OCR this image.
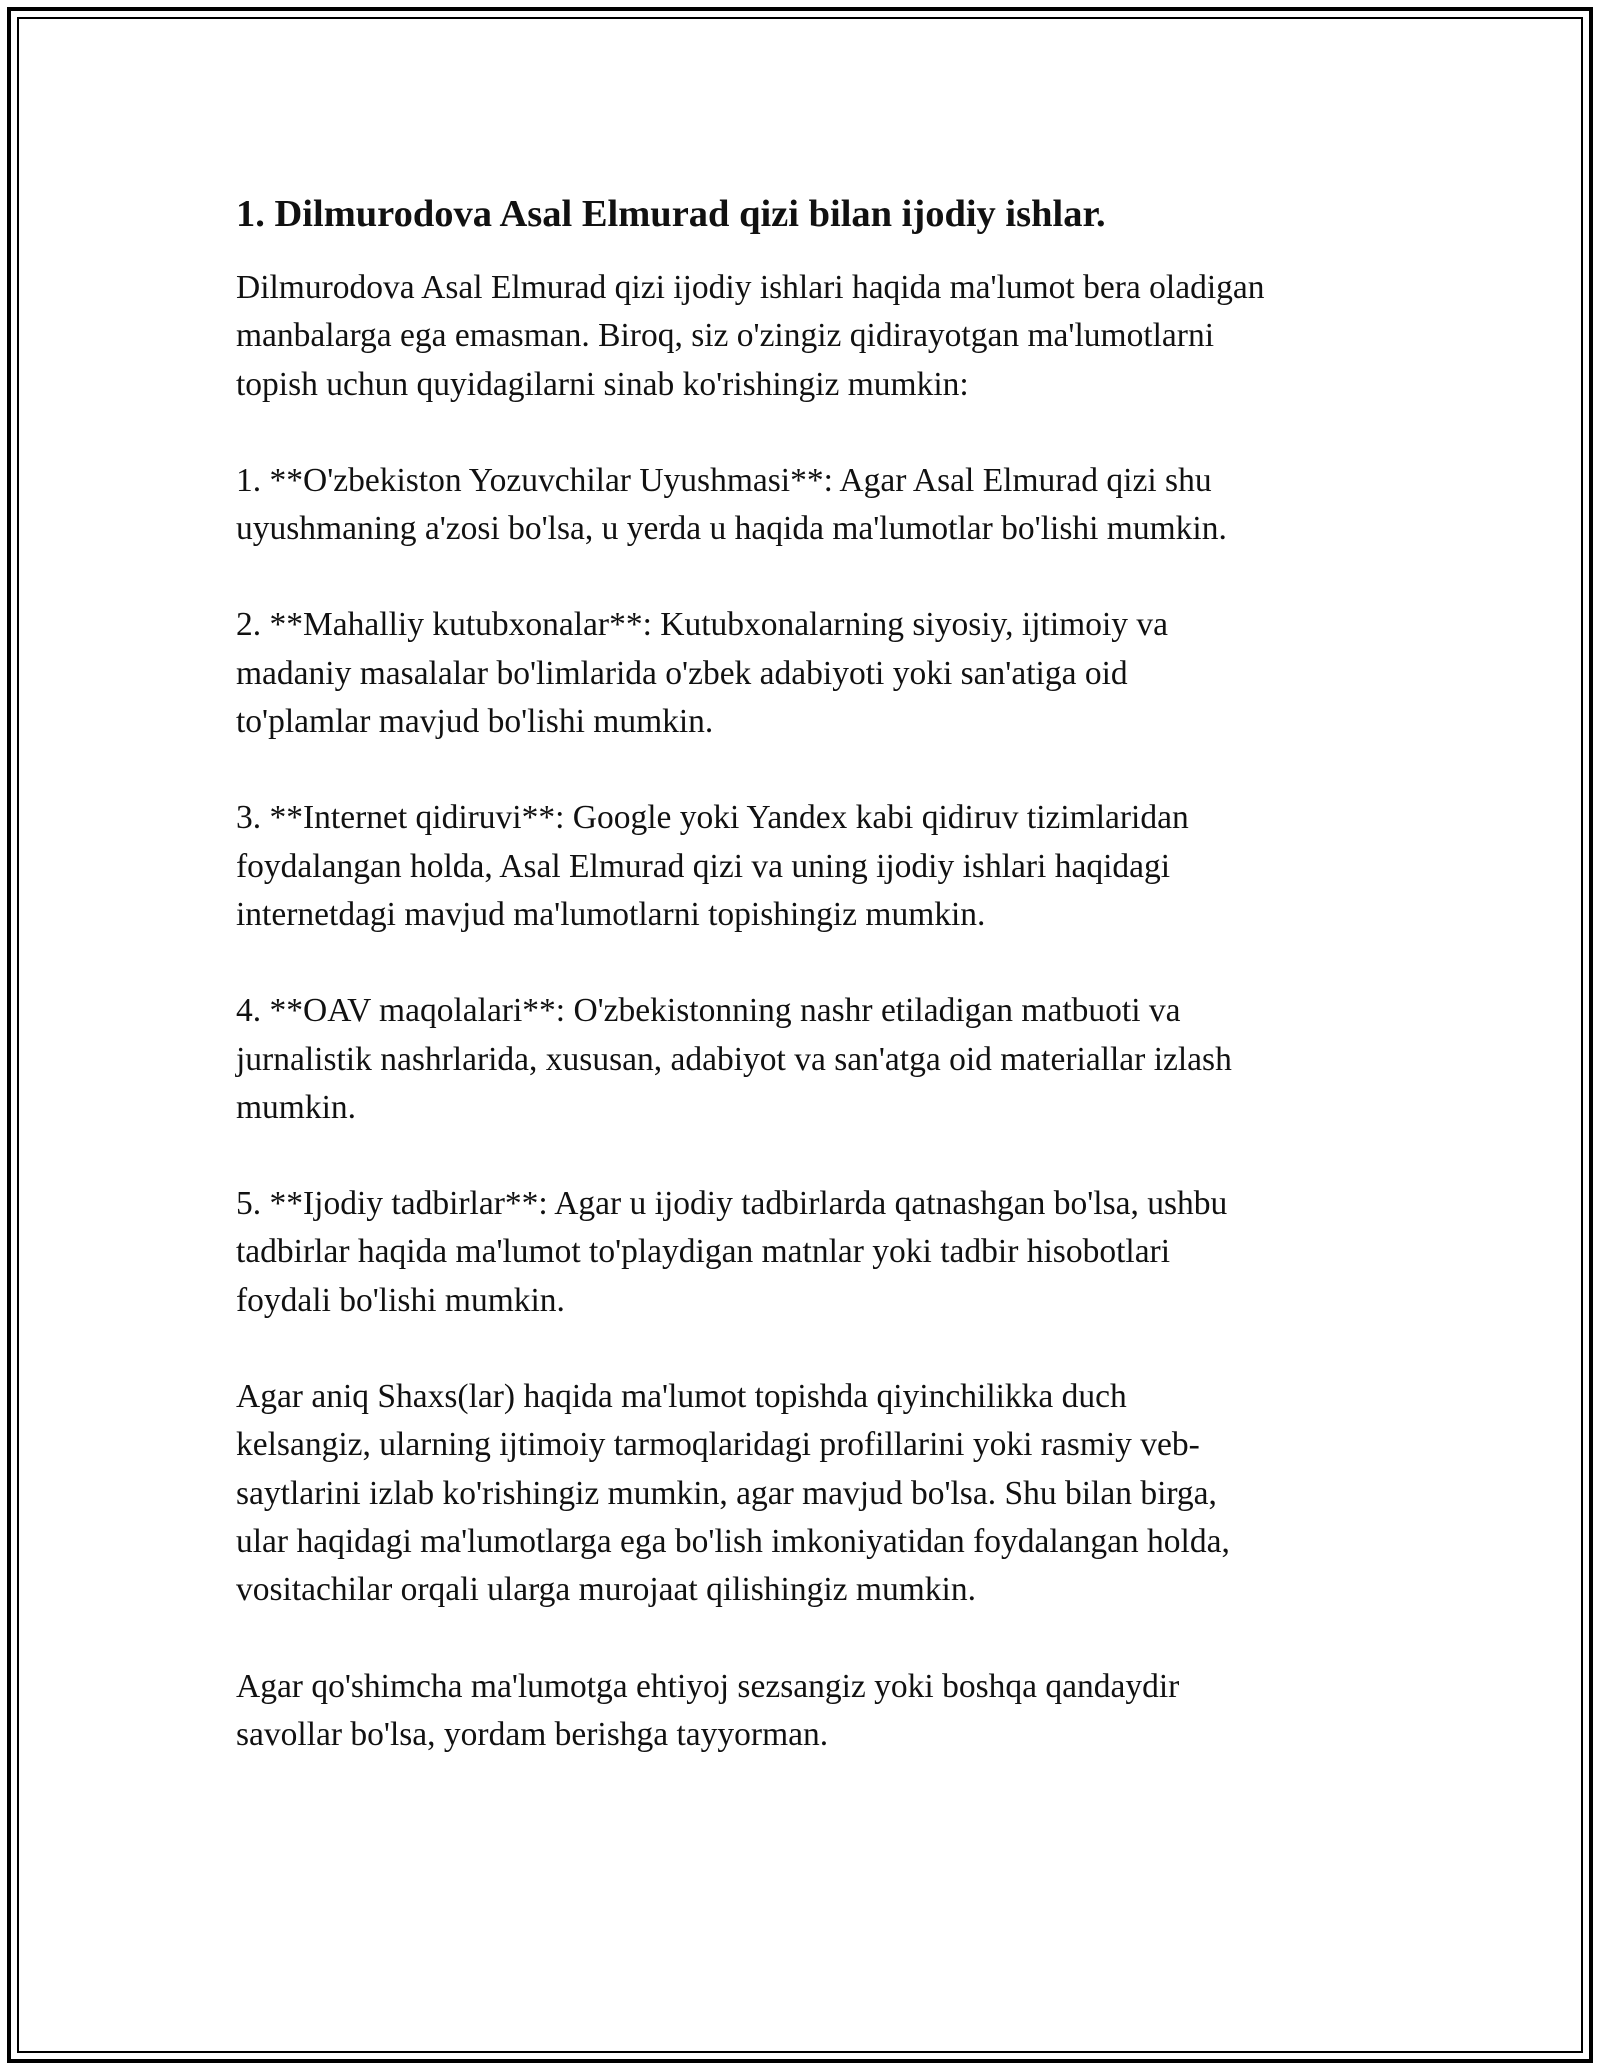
1. Dilmurodova Asal Elmurad qizi bilan ijodiy ishlar.

Dilmurodova Asal Elmurad qizi ijodiy ishlari haqida ma'lumot bera oladigan
manbalarga ega emasman. Biroq, siz o'zingiz qidirayotgan ma'lumotlarni
topish uchun quyidagilarni sinab ko'rishingiz mumkin:

1. **O'zbekiston Yozuvchilar Uyushmasi**: Agar Asal Elmurad qizi shu
uyushmaning a'zosi bo'lsa, u yerda u haqida ma'lumotlar bo'lishi mumkin.

2. **Mahalliy kutubxonalar**: Kutubxonalarning siyosiy, ijtimoiy va
madaniy masalalar bo'limlarida o'zbek adabiyoti yoki san'atiga oid
to'plamlar mavjud bo'lishi mumkin.

3. **Internet qidiruvi**: Google yoki Yandex kabi qidiruv tizimlaridan
foydalangan holda, Asal Elmurad qizi va uning ijodiy ishlari haqidagi
internetdagi mavjud ma'lumotlarni topishingiz mumkin.

4. **OAV maqolalari**: O'zbekistonning nashr etiladigan matbuoti va
jurnalistik nashrlarida, xususan, adabiyot va san'atga oid materiallar izlash
mumkin.

5. **Ijodiy tadbirlar**: Agar u ijodiy tadbirlarda qatnashgan bo'lsa, ushbu
tadbirlar haqida ma'lumot to'playdigan matnlar yoki tadbir hisobotlari
foydali bo'lishi mumkin.

Agar aniq Shaxs(lar) haqida ma'lumot topishda qiyinchilikka duch
kelsangiz, ularning ijtimoiy tarmoqlaridagi profillarini yoki rasmiy veb-
saytlarini izlab ko'rishingiz mumkin, agar mavjud bo'lsa. Shu bilan birga,
ular haqidagi ma'lumotlarga ega bo'lish imkoniyatidan foydalangan holda,
vositachilar orqali ularga murojaat qilishingiz mumkin.

Agar qo'shimcha ma'lumotga ehtiyoj sezsangiz yoki boshqa qandaydir
savollar bo'lsa, yordam berishga tayyorman.
